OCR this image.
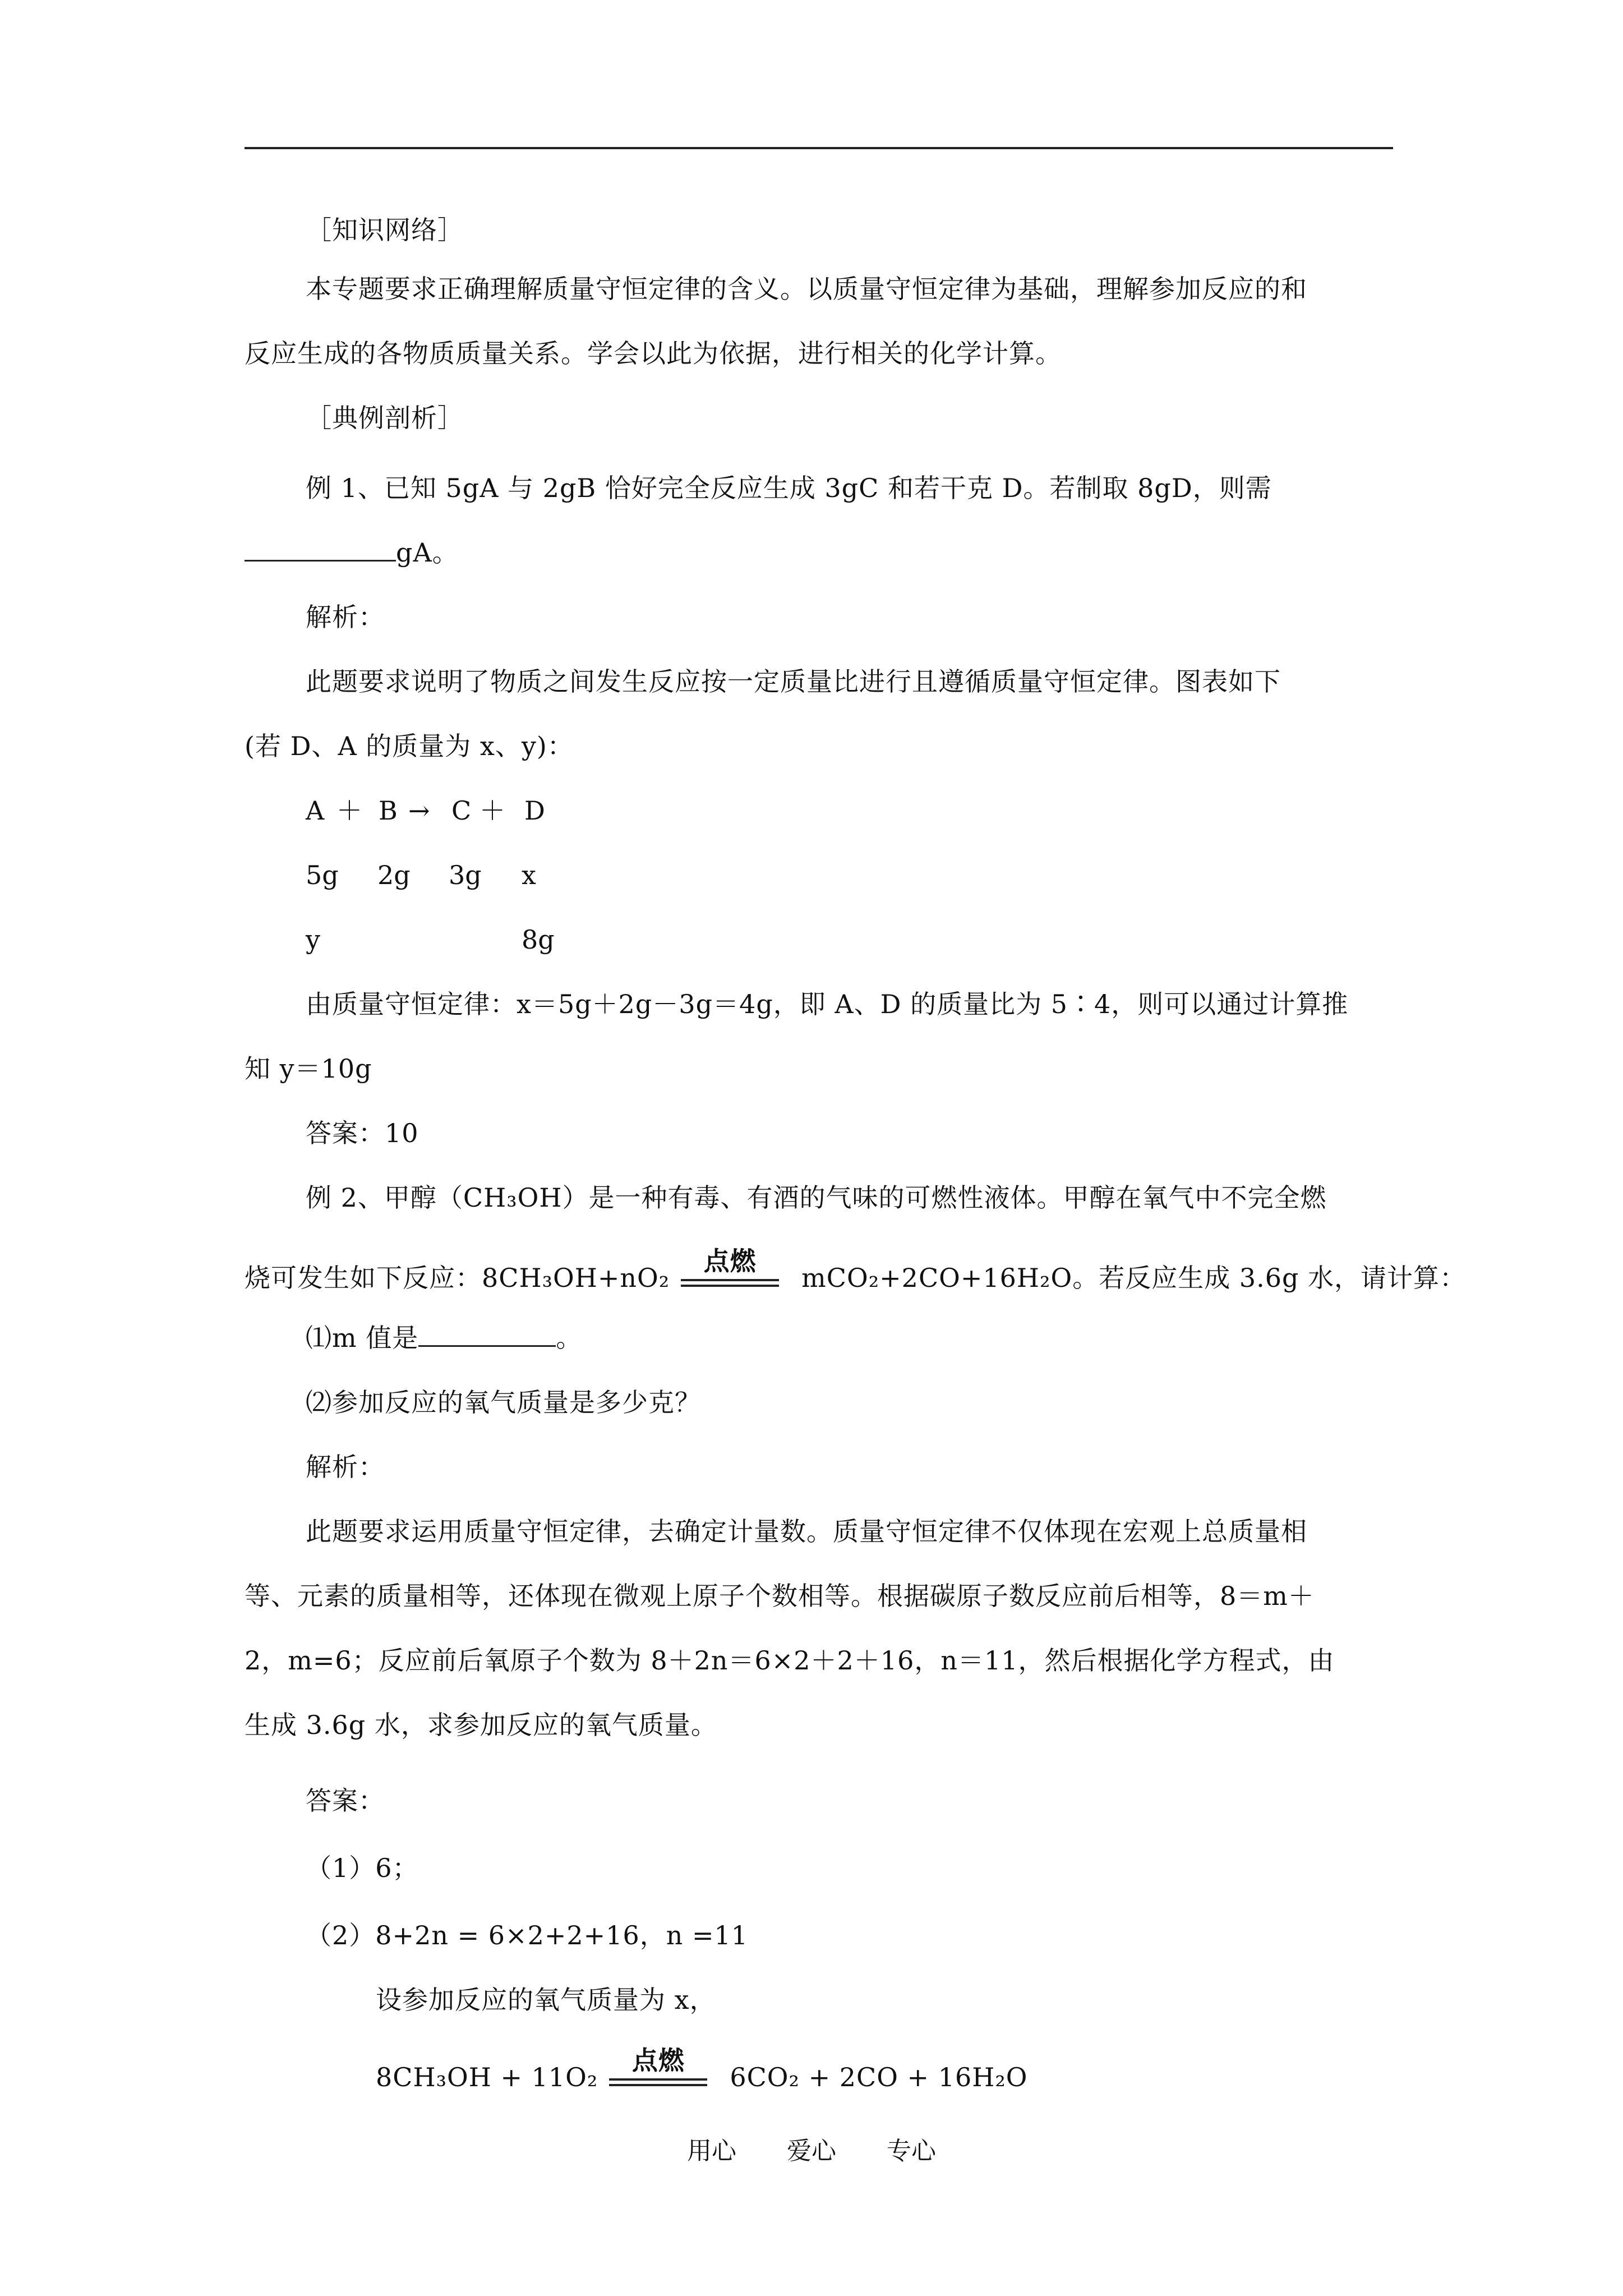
［知识网络］
本专题要求正确理解质量守恒定律的含义。以质量守恒定律为基础，理解参加反应的和
反应生成的各物质质量关系。学会以此为依据，进行相关的化学计算。
［典例剖析］
例 1、已知 5gA 与 2gB 恰好完全反应生成 3gC 和若干克 D。若制取 8gD，则需
gA。
解析：
此题要求说明了物质之间发生反应按一定质量比进行且遵循质量守恒定律。图表如下
(若 D、A 的质量为 x、y)：
A ＋ B → C ＋ D
5g 2g 3g x
y	8g
由质量守恒定律：x＝5g＋2g－3g＝4g，即 A、D 的质量比为 5∶4，则可以通过计算推
知 y＝10g
答案：10
例 2、甲醇（CH₃OH）是一种有毒、有酒的气味的可燃性液体。甲醇在氧气中不完全燃
烧可发生如下反应：8CH₃OH+nO₂
点燃
mCO₂+2CO+16H₂O。若反应生成 3.6g 水，请计算：
⑴m 值是	。
⑵参加反应的氧气质量是多少克？
解析：
此题要求运用质量守恒定律，去确定计量数。质量守恒定律不仅体现在宏观上总质量相
等、元素的质量相等，还体现在微观上原子个数相等。根据碳原子数反应前后相等，8＝m＋
2，m=6；反应前后氧原子个数为 8＋2n＝6×2＋2＋16，n＝11，然后根据化学方程式，由
生成 3.6g 水，求参加反应的氧气质量。
答案：
（1）6；
（2）8+2n = 6×2+2+16，n =11
设参加反应的氧气质量为 x，
8CH₃OH + 11O₂
点燃
6CO₂ + 2CO + 16H₂O
用心 爱心 专心
